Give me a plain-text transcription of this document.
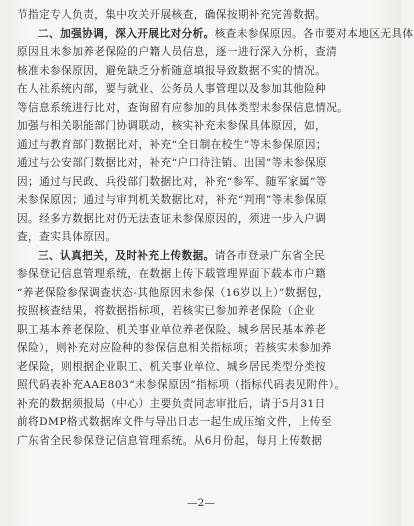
节指定专人负责，集中攻关开展核查，确保按期补充完善数据。
二、加强协调，深入开展比对分析。核查未参保原因。各市要对本地区无具体
原因且未参加养老保险的户籍人员信息，逐一进行深入分析，查清
核准未参保原因，避免缺乏分析随意填报导致数据不实的情况。
在人社系统内部，要与就业、公务员人事管理以及参加其他险种
等信息系统进行比对，查询留有应参加的具体类型未参保信息情况。
加强与相关职能部门协调联动，核实补充未参保具体原因，如，
通过与教育部门数据比对，补充“全日制在校生”等未参保原因；
通过与公安部门数据比对，补充“户口待注销、出国”等未参保原
因；通过与民政、兵役部门数据比对，补充“参军、随军家属”等
未参保原因；通过与审判机关数据比对，补充“判刑”等未参保原
因。经多方数据比对仍无法查证未参保原因的，须进一步入户调
查，查实具体原因。
三、认真把关，及时补充上传数据。请各市登录广东省全民
参保登记信息管理系统，在数据上传下载管理界面下载本市户籍
“养老保险参保调查状态-其他原因未参保（16岁以上）”数据包，
按照核查结果，将数据指标项，若核实已参加养老保险（企业
职工基本养老保险、机关事业单位养老保险、城乡居民基本养老
保险），则补充对应险种的参保信息相关指标项；若核实未参加养
老保险，则根据企业职工、机关事业单位、城乡居民类型分类按
照代码表补充AAE803“未参保原因”指标项（指标代码表见附件）。
补充的数据须报局（中心）主要负责同志审批后，请于5月31日
前将DMP格式数据库文件与导出日志一起生成压缩文件，上传至
广东省全民参保登记信息管理系统。从6月份起，每月上传数据
—2—
